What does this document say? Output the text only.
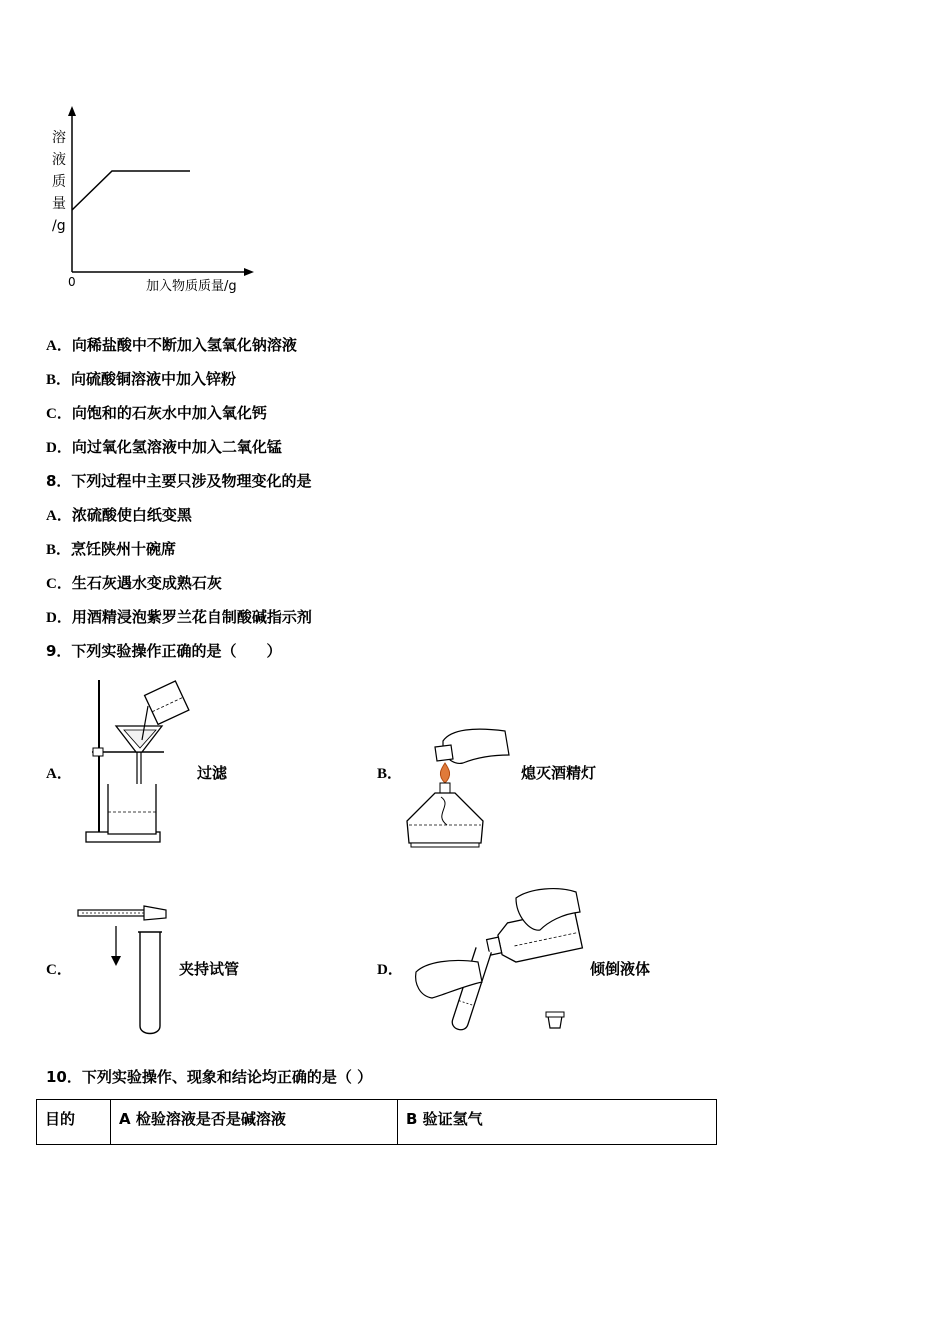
溶
液
质
量
/g
0	加入物质质量/g
A．向稀盐酸中不断加入氢氧化钠溶液
B．向硫酸铜溶液中加入锌粉
C．向饱和的石灰水中加入氧化钙
D．向过氧化氢溶液中加入二氧化锰
8．下列过程中主要只涉及物理变化的是
A．浓硫酸使白纸变黑
B．烹饪陕州十碗席
C．生石灰遇水变成熟石灰
D．用酒精浸泡紫罗兰花自制酸碱指示剂
9．下列实验操作正确的是（　　）
A．	过滤	B．	熄灭酒精灯
C．	夹持试管	D．	倾倒液体
10．下列实验操作、现象和结论均正确的是（ ）
目的	A 检验溶液是否是碱溶液	B 验证氢气
